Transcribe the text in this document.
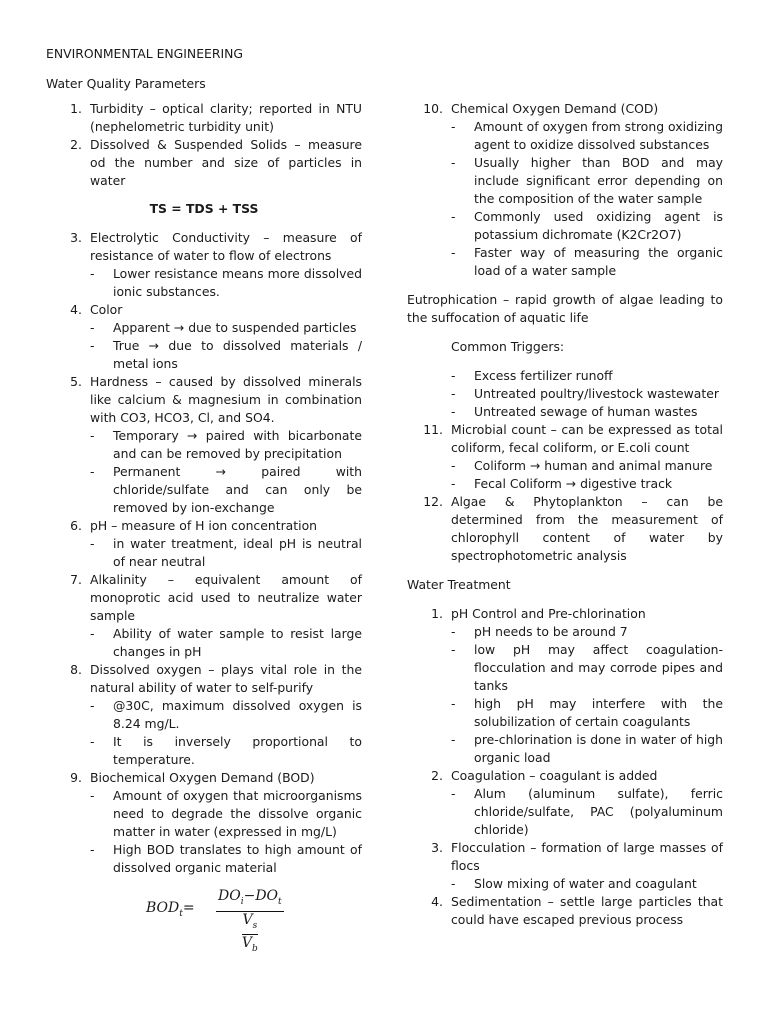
ENVIRONMENTAL ENGINEERING
Water Quality Parameters
1. Turbidity – optical clarity; reported in NTU (nephelometric turbidity unit)
2. Dissolved & Suspended Solids – measure od the number and size of particles in water
TS = TDS + TSS
3. Electrolytic Conductivity – measure of resistance of water to flow of electrons
- Lower resistance means more dissolved ionic substances.
4. Color
- Apparent → due to suspended particles
- True → due to dissolved materials / metal ions
5. Hardness – caused by dissolved minerals like calcium & magnesium in combination with CO3, HCO3, Cl, and SO4.
- Temporary → paired with bicarbonate and can be removed by precipitation
- Permanent → paired with chloride/sulfate and can only be removed by ion-exchange
6. pH – measure of H ion concentration
- in water treatment, ideal pH is neutral of near neutral
7. Alkalinity – equivalent amount of monoprotic acid used to neutralize water sample
- Ability of water sample to resist large changes in pH
8. Dissolved oxygen – plays vital role in the natural ability of water to self-purify
- @30C, maximum dissolved oxygen is 8.24 mg/L.
- It is inversely proportional to temperature.
9. Biochemical Oxygen Demand (BOD)
- Amount of oxygen that microorganisms need to degrade the dissolve organic matter in water (expressed in mg/L)
- High BOD translates to high amount of dissolved organic material
$BOD_t=$
$DO_i-DO_t$
$\frac{V_s}{V_b}$
10. Chemical Oxygen Demand (COD)
- Amount of oxygen from strong oxidizing agent to oxidize dissolved substances
- Usually higher than BOD and may include significant error depending on the composition of the water sample
- Commonly used oxidizing agent is potassium dichromate (K2Cr2O7)
- Faster way of measuring the organic load of a water sample
Eutrophication – rapid growth of algae leading to the suffocation of aquatic life
Common Triggers:
- Excess fertilizer runoff
- Untreated poultry/livestock wastewater
- Untreated sewage of human wastes
11. Microbial count – can be expressed as total coliform, fecal coliform, or E.coli count
- Coliform → human and animal manure
- Fecal Coliform → digestive track
12. Algae & Phytoplankton – can be determined from the measurement of chlorophyll content of water by spectrophotometric analysis
Water Treatment
1. pH Control and Pre-chlorination
- pH needs to be around 7
- low pH may affect coagulation-flocculation and may corrode pipes and tanks
- high pH may interfere with the solubilization of certain coagulants
- pre-chlorination is done in water of high organic load
2. Coagulation – coagulant is added
- Alum (aluminum sulfate), ferric chloride/sulfate, PAC (polyaluminum chloride)
3. Flocculation – formation of large masses of flocs
- Slow mixing of water and coagulant
4. Sedimentation – settle large particles that could have escaped previous process
